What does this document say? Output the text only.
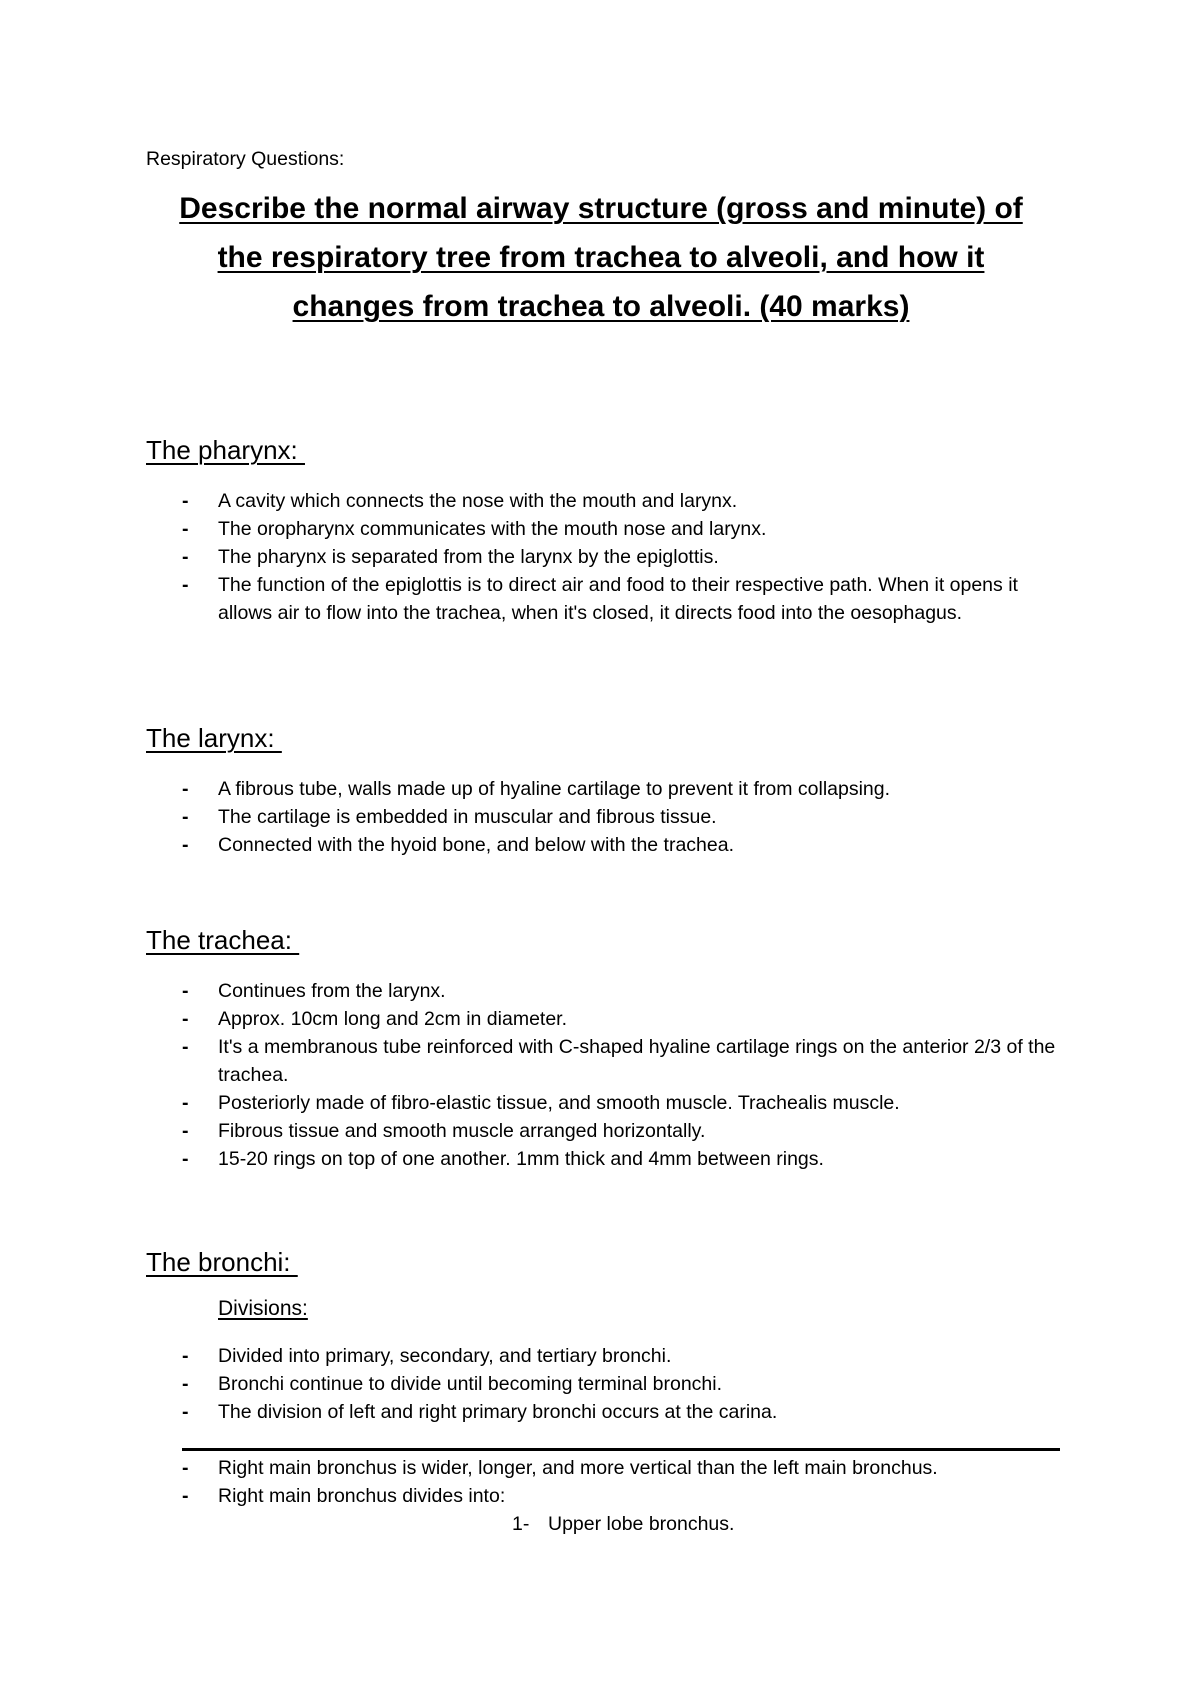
Respiratory Questions:
Describe the normal airway structure (gross and minute) of
the respiratory tree from trachea to alveoli, and how it
changes from trachea to alveoli. (40 marks)
The pharynx:
- A cavity which connects the nose with the mouth and larynx.
- The oropharynx communicates with the mouth nose and larynx.
- The pharynx is separated from the larynx by the epiglottis.
- The function of the epiglottis is to direct air and food to their respective path. When it opens it allows air to flow into the trachea, when it's closed, it directs food into the oesophagus.
The larynx:
- A fibrous tube, walls made up of hyaline cartilage to prevent it from collapsing.
- The cartilage is embedded in muscular and fibrous tissue.
- Connected with the hyoid bone, and below with the trachea.
The trachea:
- Continues from the larynx.
- Approx. 10cm long and 2cm in diameter.
- It's a membranous tube reinforced with C-shaped hyaline cartilage rings on the anterior 2/3 of the trachea.
- Posteriorly made of fibro-elastic tissue, and smooth muscle. Trachealis muscle.
- Fibrous tissue and smooth muscle arranged horizontally.
- 15-20 rings on top of one another. 1mm thick and 4mm between rings.
The bronchi:
Divisions:
- Divided into primary, secondary, and tertiary bronchi.
- Bronchi continue to divide until becoming terminal bronchi.
- The division of left and right primary bronchi occurs at the carina.
- Right main bronchus is wider, longer, and more vertical than the left main bronchus.
- Right main bronchus divides into:
1- Upper lobe bronchus.
